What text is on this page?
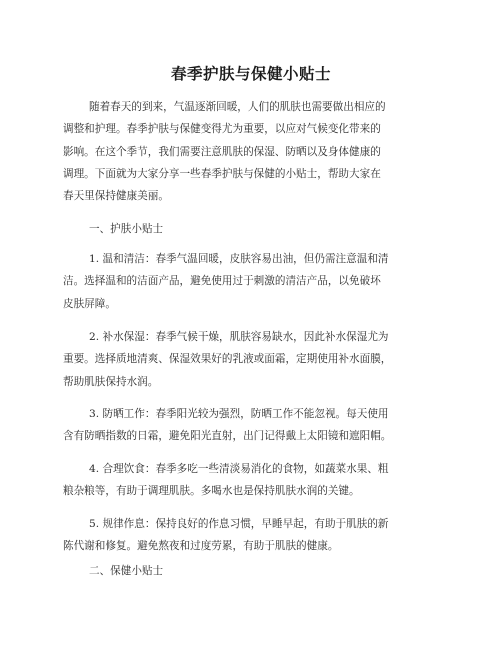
春季护肤与保健小贴士
随着春天的到来，气温逐渐回暖，人们的肌肤也需要做出相应的
调整和护理。春季护肤与保健变得尤为重要，以应对气候变化带来的
影响。在这个季节，我们需要注意肌肤的保湿、防晒以及身体健康的
调理。下面就为大家分享一些春季护肤与保健的小贴士，帮助大家在
春天里保持健康美丽。
一、护肤小贴士
1. 温和清洁：春季气温回暖，皮肤容易出油，但仍需注意温和清
洁。选择温和的洁面产品，避免使用过于刺激的清洁产品，以免破坏
皮肤屏障。
2. 补水保湿：春季气候干燥，肌肤容易缺水，因此补水保湿尤为
重要。选择质地清爽、保湿效果好的乳液或面霜，定期使用补水面膜，
帮助肌肤保持水润。
3. 防晒工作：春季阳光较为强烈，防晒工作不能忽视。每天使用
含有防晒指数的日霜，避免阳光直射，出门记得戴上太阳镜和遮阳帽。
4. 合理饮食：春季多吃一些清淡易消化的食物，如蔬菜水果、粗
粮杂粮等，有助于调理肌肤。多喝水也是保持肌肤水润的关键。
5. 规律作息：保持良好的作息习惯，早睡早起，有助于肌肤的新
陈代谢和修复。避免熬夜和过度劳累，有助于肌肤的健康。
二、保健小贴士
